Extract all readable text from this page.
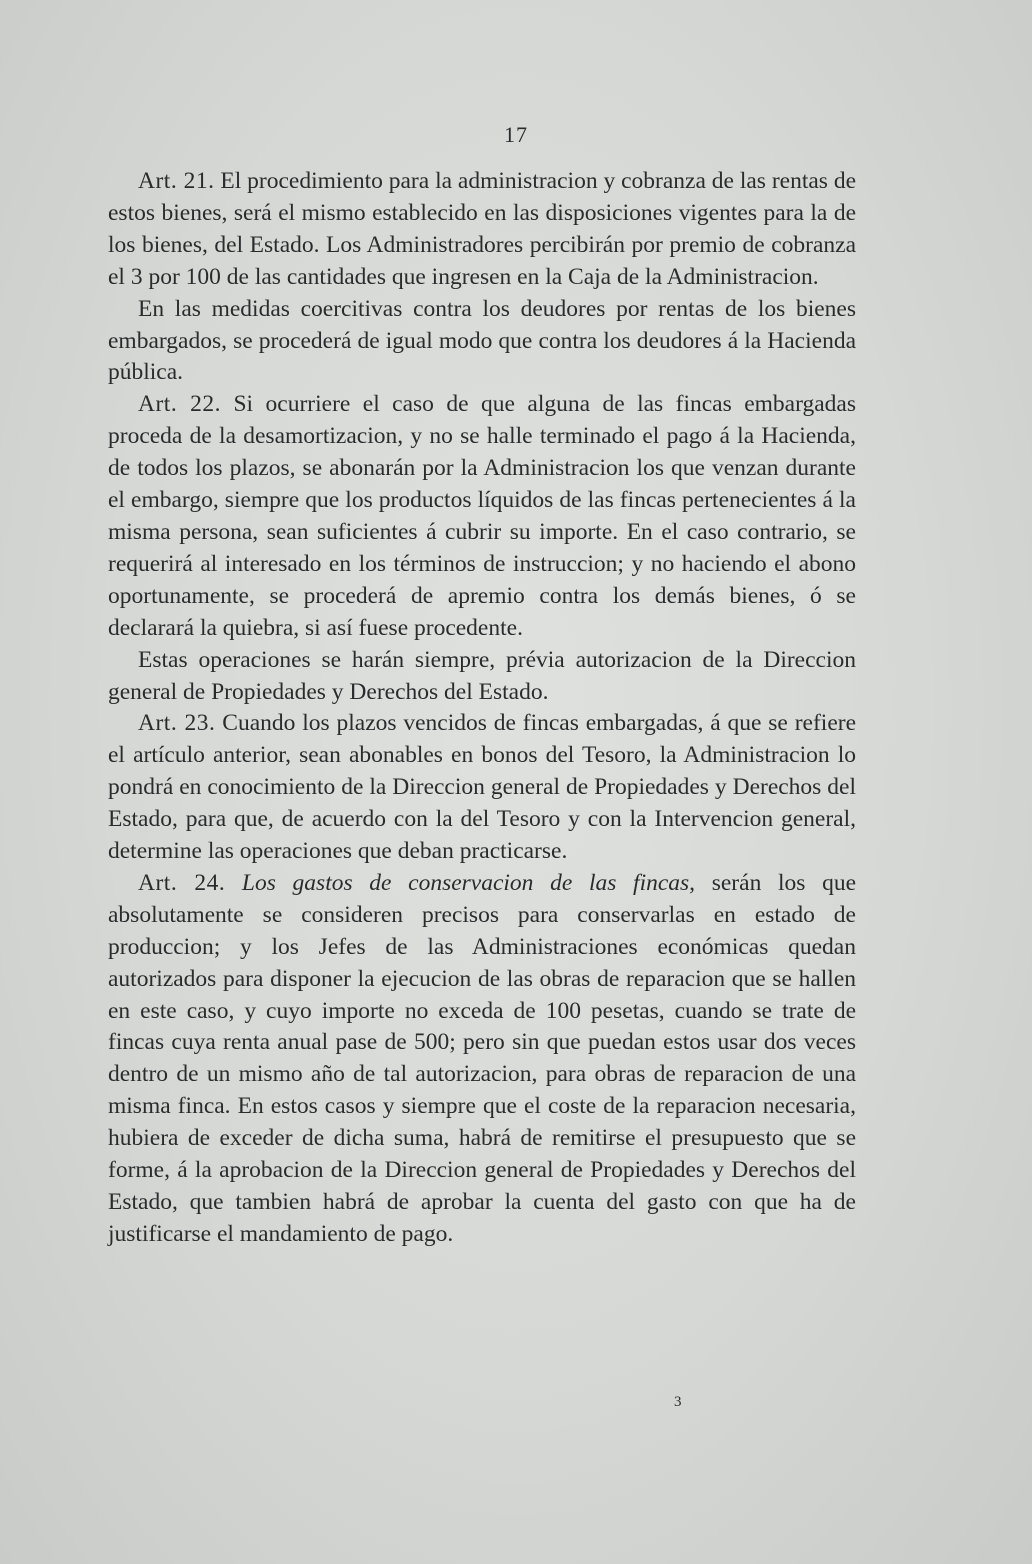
17

Art. 21. El procedimiento para la administracion y cobranza de las rentas de estos bienes, será el mismo establecido en las disposiciones vigentes para la de los bienes, del Estado. Los Administradores percibirán por premio de cobranza el 3 por 100 de las cantidades que ingresen en la Caja de la Administracion.

En las medidas coercitivas contra los deudores por rentas de los bienes embargados, se procederá de igual modo que contra los deudores á la Hacienda pública.

Art. 22. Si ocurriere el caso de que alguna de las fincas embargadas proceda de la desamortizacion, y no se halle terminado el pago á la Hacienda, de todos los plazos, se abonarán por la Administracion los que venzan durante el embargo, siempre que los productos líquidos de las fincas pertenecientes á la misma persona, sean suficientes á cubrir su importe. En el caso contrario, se requerirá al interesado en los términos de instruccion; y no haciendo el abono oportunamente, se procederá de apremio contra los demás bienes, ó se declarará la quiebra, si así fuese procedente.

Estas operaciones se harán siempre, prévia autorizacion de la Direccion general de Propiedades y Derechos del Estado.

Art. 23. Cuando los plazos vencidos de fincas embargadas, á que se refiere el artículo anterior, sean abonables en bonos del Tesoro, la Administracion lo pondrá en conocimiento de la Direccion general de Propiedades y Derechos del Estado, para que, de acuerdo con la del Tesoro y con la Intervencion general, determine las operaciones que deban practicarse.

Art. 24. Los gastos de conservacion de las fincas, serán los que absolutamente se consideren precisos para conservarlas en estado de produccion; y los Jefes de las Administraciones económicas quedan autorizados para disponer la ejecucion de las obras de reparacion que se hallen en este caso, y cuyo importe no exceda de 100 pesetas, cuando se trate de fincas cuya renta anual pase de 500; pero sin que puedan estos usar dos veces dentro de un mismo año de tal autorizacion, para obras de reparacion de una misma finca. En estos casos y siempre que el coste de la reparacion necesaria, hubiera de exceder de dicha suma, habrá de remitirse el presupuesto que se forme, á la aprobacion de la Direccion general de Propiedades y Derechos del Estado, que tambien habrá de aprobar la cuenta del gasto con que ha de justificarse el mandamiento de pago.

3
